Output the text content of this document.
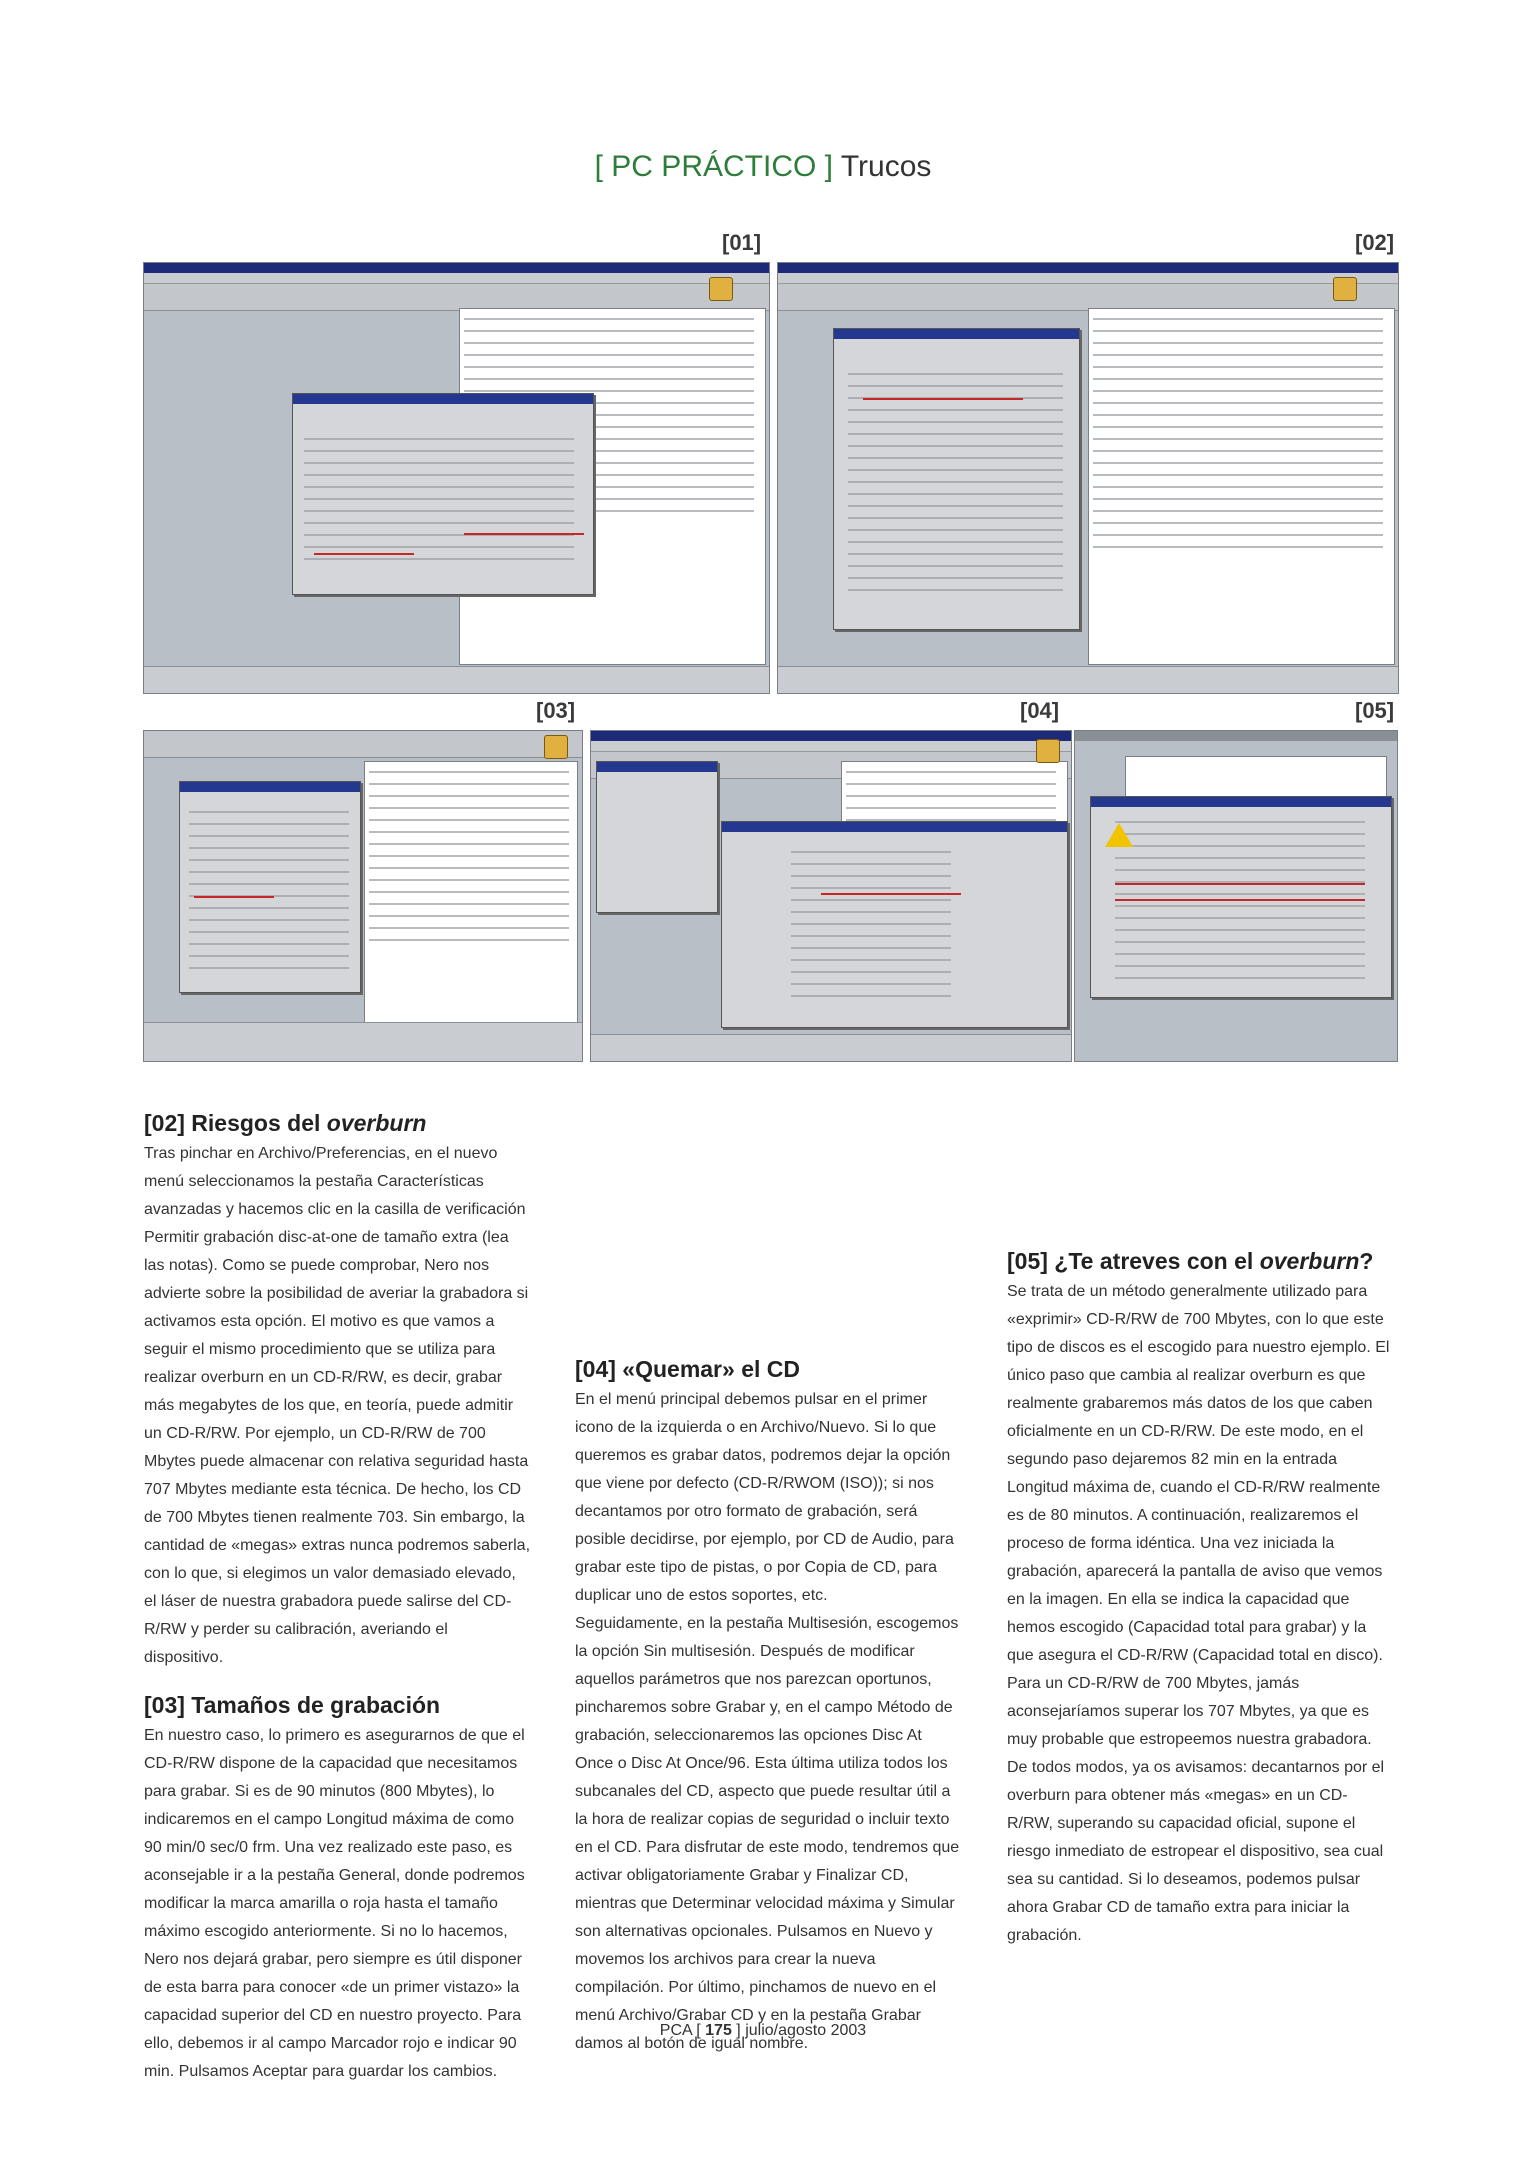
[ PC PRÁCTICO ] Trucos
[01]	[02]
[03]	[04]	[05]
[02] Riesgos del overburn

Tras pinchar en Archivo/Preferencias, en el nuevo menú seleccionamos la pestaña Características avanzadas y hacemos clic en la casilla de verificación Permitir grabación disc-at-one de tamaño extra (lea las notas). Como se puede comprobar, Nero nos advierte sobre la posibilidad de averiar la grabadora si activamos esta opción. El motivo es que vamos a seguir el mismo procedimiento que se utiliza para realizar overburn en un CD-R/RW, es decir, grabar más megabytes de los que, en teoría, puede admitir un CD-R/RW. Por ejemplo, un CD-R/RW de 700 Mbytes puede almacenar con relativa seguridad hasta 707 Mbytes mediante esta técnica. De hecho, los CD de 700 Mbytes tienen realmente 703. Sin embargo, la cantidad de «megas» extras nunca podremos saberla, con lo que, si elegimos un valor demasiado elevado, el láser de nuestra grabadora puede salirse del CD-R/RW y perder su calibración, averiando el dispositivo.

[03] Tamaños de grabación

En nuestro caso, lo primero es asegurarnos de que el CD-R/RW dispone de la capacidad que necesitamos para grabar. Si es de 90 minutos (800 Mbytes), lo indicaremos en el campo Longitud máxima de como 90 min/0 sec/0 frm. Una vez realizado este paso, es aconsejable ir a la pestaña General, donde podremos modificar la marca amarilla o roja hasta el tamaño máximo escogido anteriormente. Si no lo hacemos, Nero nos dejará grabar, pero siempre es útil disponer de esta barra para conocer «de un primer vistazo» la capacidad superior del CD en nuestro proyecto. Para ello, debemos ir al campo Marcador rojo e indicar 90 min. Pulsamos Aceptar para guardar los cambios.

[04] «Quemar» el CD

En el menú principal debemos pulsar en el primer icono de la izquierda o en Archivo/Nuevo. Si lo que queremos es grabar datos, podremos dejar la opción que viene por defecto (CD-R/RWOM (ISO)); si nos decantamos por otro formato de grabación, será posible decidirse, por ejemplo, por CD de Audio, para grabar este tipo de pistas, o por Copia de CD, para duplicar uno de estos soportes, etc.

Seguidamente, en la pestaña Multisesión, escogemos la opción Sin multisesión. Después de modificar aquellos parámetros que nos parezcan oportunos, pincharemos sobre Grabar y, en el campo Método de grabación, seleccionaremos las opciones Disc At Once o Disc At Once/96. Esta última utiliza todos los subcanales del CD, aspecto que puede resultar útil a la hora de realizar copias de seguridad o incluir texto en el CD. Para disfrutar de este modo, tendremos que activar obligatoriamente Grabar y Finalizar CD, mientras que Determinar velocidad máxima y Simular son alternativas opcionales. Pulsamos en Nuevo y movemos los archivos para crear la nueva compilación. Por último, pinchamos de nuevo en el menú Archivo/Grabar CD y en la pestaña Grabar damos al botón de igual nombre.

[05] ¿Te atreves con el overburn?

Se trata de un método generalmente utilizado para «exprimir» CD-R/RW de 700 Mbytes, con lo que este tipo de discos es el escogido para nuestro ejemplo. El único paso que cambia al realizar overburn es que realmente grabaremos más datos de los que caben oficialmente en un CD-R/RW. De este modo, en el segundo paso dejaremos 82 min en la entrada Longitud máxima de, cuando el CD-R/RW realmente es de 80 minutos. A continuación, realizaremos el proceso de forma idéntica. Una vez iniciada la grabación, aparecerá la pantalla de aviso que vemos en la imagen. En ella se indica la capacidad que hemos escogido (Capacidad total para grabar) y la que asegura el CD-R/RW (Capacidad total en disco). Para un CD-R/RW de 700 Mbytes, jamás aconsejaríamos superar los 707 Mbytes, ya que es muy probable que estropeemos nuestra grabadora. De todos modos, ya os avisamos: decantarnos por el overburn para obtener más «megas» en un CD-R/RW, superando su capacidad oficial, supone el riesgo inmediato de estropear el dispositivo, sea cual sea su cantidad. Si lo deseamos, podemos pulsar ahora Grabar CD de tamaño extra para iniciar la grabación.

PCA [ 175 ] julio/agosto 2003
